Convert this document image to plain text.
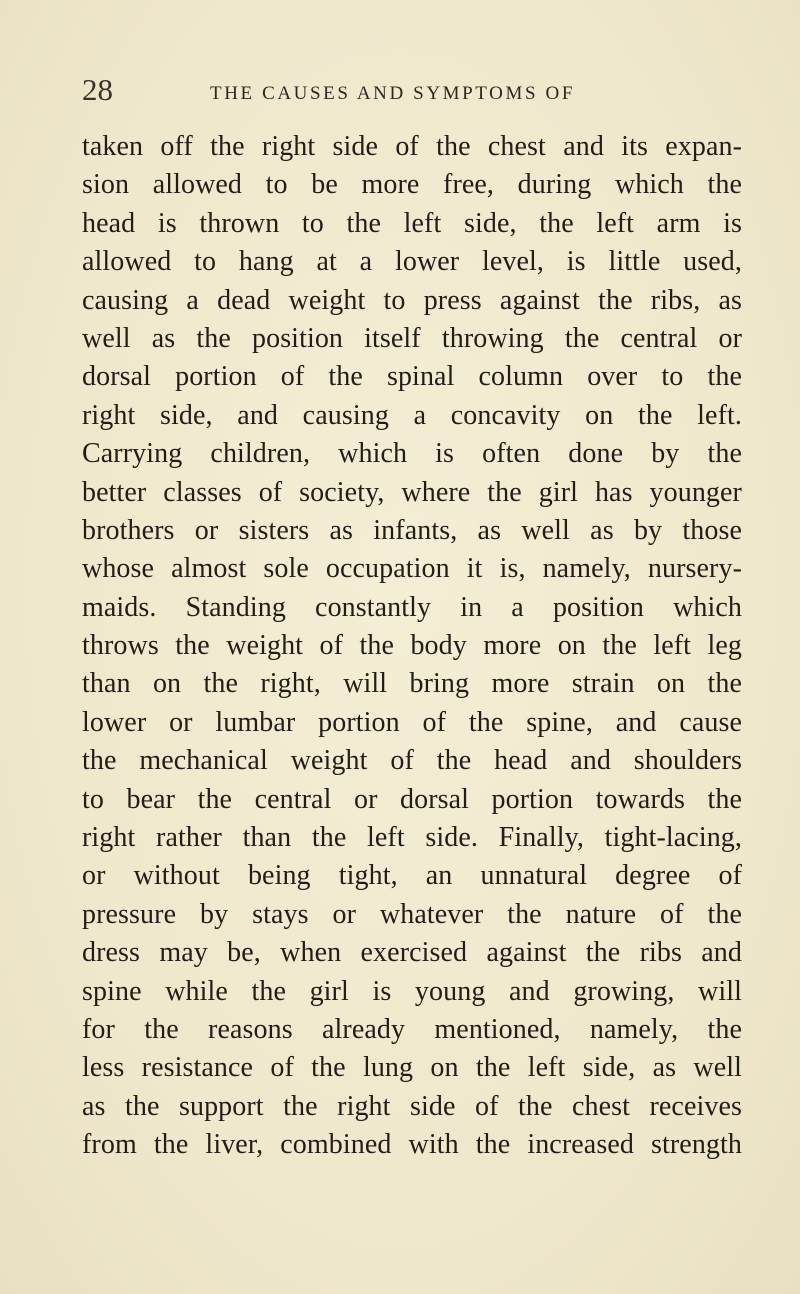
28	THE CAUSES AND SYMPTOMS OF
taken off the right side of the chest and its expan-
sion allowed to be more free, during which the
head is thrown to the left side, the left arm is
allowed to hang at a lower level, is little used,
causing a dead weight to press against the ribs, as
well as the position itself throwing the central or
dorsal portion of the spinal column over to the
right side, and causing a concavity on the left.
Carrying children, which is often done by the
better classes of society, where the girl has younger
brothers or sisters as infants, as well as by those
whose almost sole occupation it is, namely, nursery-
maids. Standing constantly in a position which
throws the weight of the body more on the left leg
than on the right, will bring more strain on the
lower or lumbar portion of the spine, and cause
the mechanical weight of the head and shoulders
to bear the central or dorsal portion towards the
right rather than the left side. Finally, tight-lacing,
or without being tight, an unnatural degree of
pressure by stays or whatever the nature of the
dress may be, when exercised against the ribs and
spine while the girl is young and growing, will
for the reasons already mentioned, namely, the
less resistance of the lung on the left side, as well
as the support the right side of the chest receives
from the liver, combined with the increased strength
